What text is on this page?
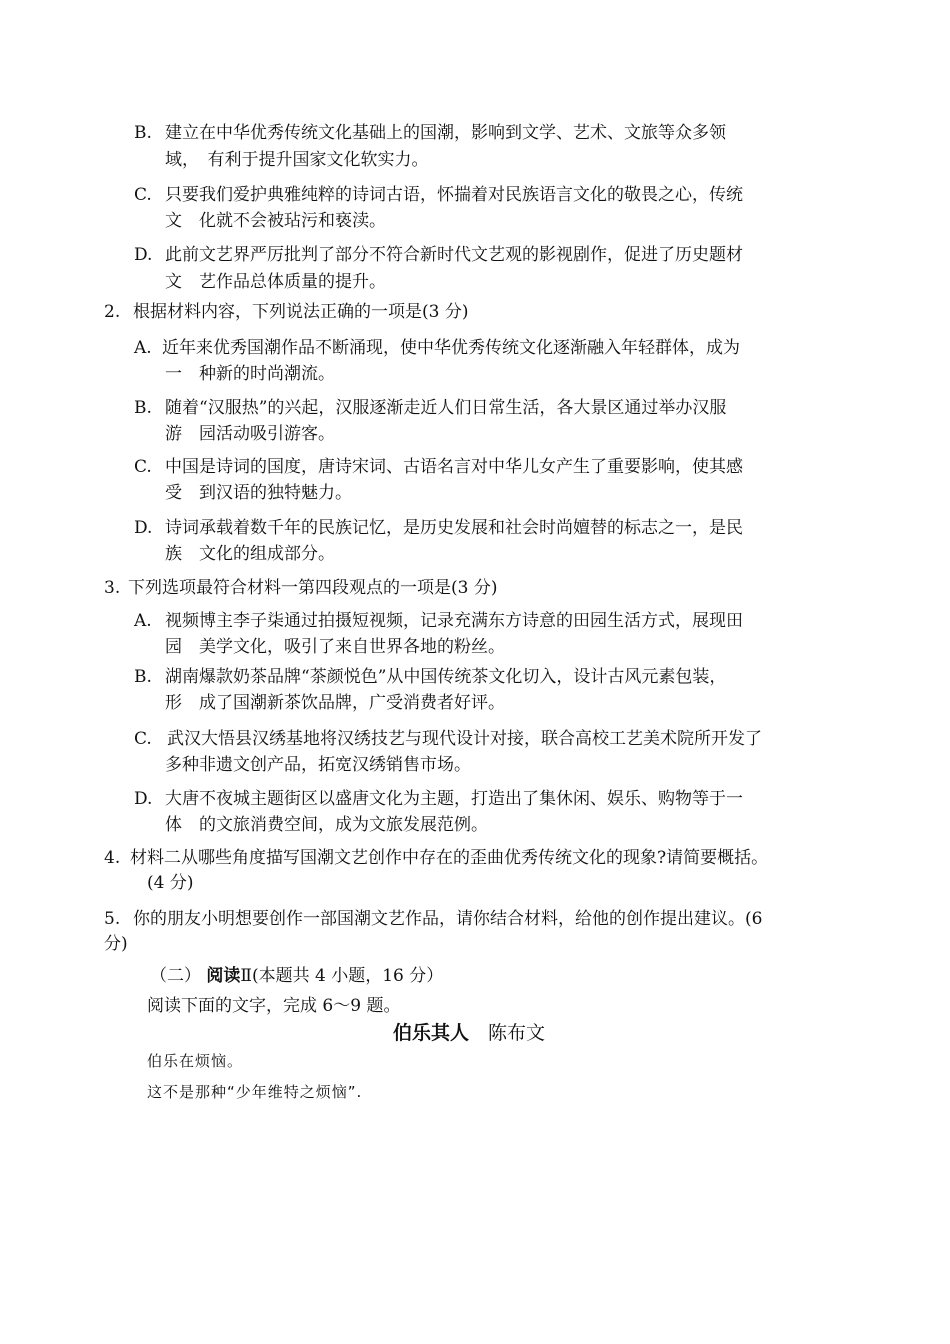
B. 建立在中华优秀传统文化基础上的国潮，影响到文学、艺术、文旅等众多领
域，　有利于提升国家文化软实力。
C. 只要我们爱护典雅纯粹的诗词古语，怀揣着对民族语言文化的敬畏之心，传统
文　化就不会被玷污和亵渎。
D. 此前文艺界严厉批判了部分不符合新时代文艺观的影视剧作，促进了历史题材
文　艺作品总体质量的提升。
2. 根据材料内容，下列说法正确的一项是(3 分)
A. 近年来优秀国潮作品不断涌现，使中华优秀传统文化逐渐融入年轻群体，成为
一　种新的时尚潮流。
B. 随着“汉服热”的兴起，汉服逐渐走近人们日常生活，各大景区通过举办汉服
游　园活动吸引游客。
C. 中国是诗词的国度，唐诗宋词、古语名言对中华儿女产生了重要影响，使其感
受　到汉语的独特魅力。
D. 诗词承载着数千年的民族记忆，是历史发展和社会时尚嬗替的标志之一，是民
族　文化的组成部分。
3. 下列选项最符合材料一第四段观点的一项是(3 分)
A. 视频博主李子柒通过拍摄短视频，记录充满东方诗意的田园生活方式，展现田
园　美学文化，吸引了来自世界各地的粉丝。
B. 湖南爆款奶茶品牌“茶颜悦色”从中国传统茶文化切入，设计古风元素包装，
形　成了国潮新茶饮品牌，广受消费者好评。
C. 武汉大悟县汉绣基地将汉绣技艺与现代设计对接，联合高校工艺美术院所开发了
多种非遗文创产品，拓宽汉绣销售市场。
D. 大唐不夜城主题街区以盛唐文化为主题，打造出了集休闲、娱乐、购物等于一
体　的文旅消费空间，成为文旅发展范例。
4. 材料二从哪些角度描写国潮文艺创作中存在的歪曲优秀传统文化的现象?请简要概括。
(4 分)
5. 你的朋友小明想要创作一部国潮文艺作品，请你结合材料，给他的创作提出建议。(6
分)
（二） 阅读Ⅱ(本题共 4 小题，16 分）
阅读下面的文字，完成 6～9 题。
伯乐其人　 陈布文
伯乐在烦恼。
这不是那种“少年维特之烦恼”.
